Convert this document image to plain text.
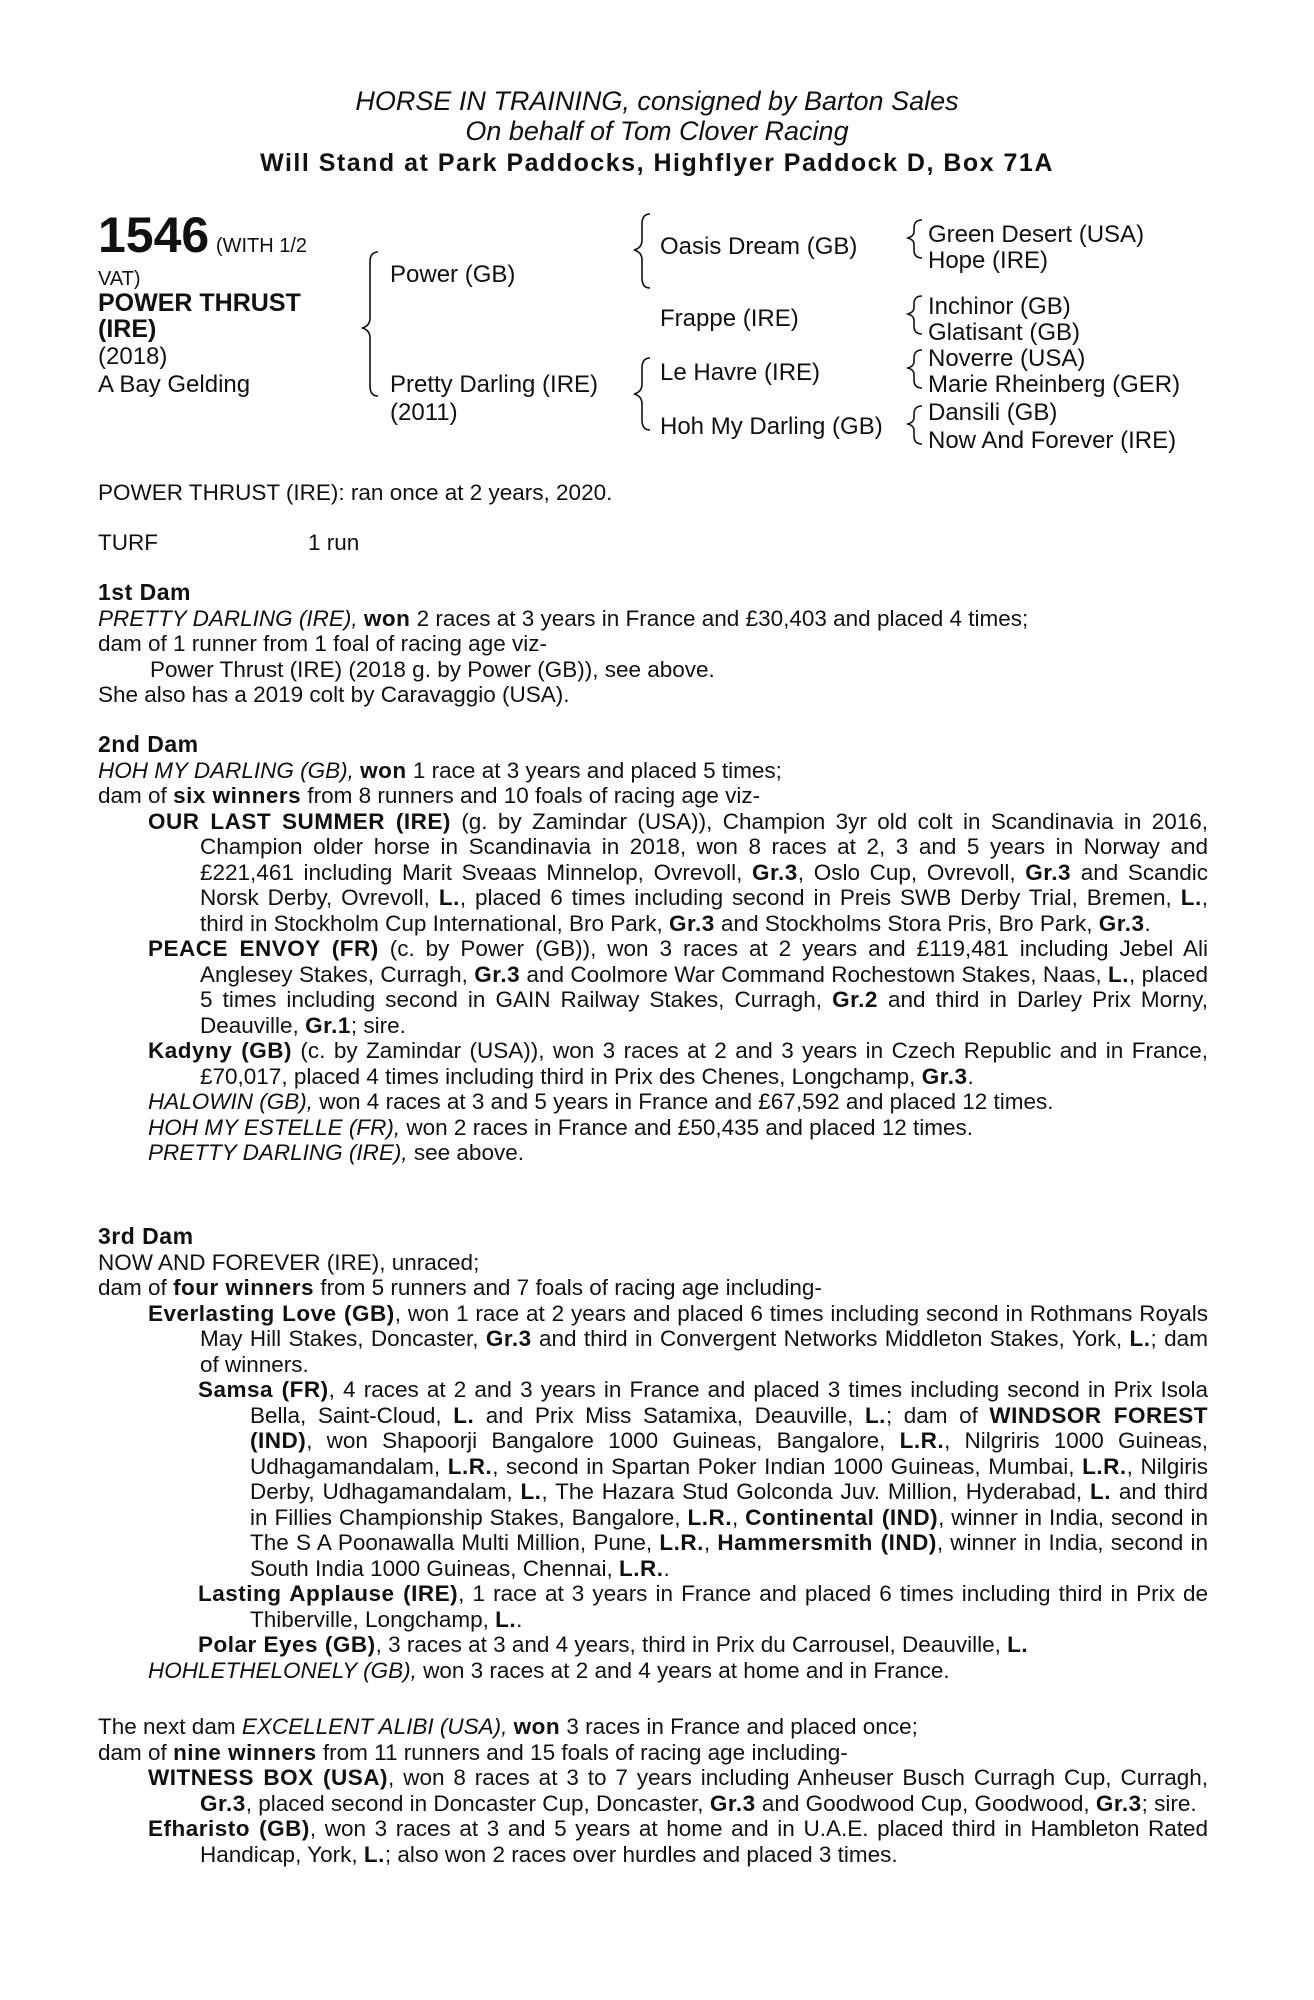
HORSE IN TRAINING, consigned by Barton Sales
On behalf of Tom Clover Racing
Will Stand at Park Paddocks, Highflyer Paddock D, Box 71A
1546 (WITH 1/2
VAT)
POWER THRUST
(IRE)
(2018)
A Bay Gelding
Power (GB)
Pretty Darling (IRE)
(2011)
Oasis Dream (GB)
Frappe (IRE)
Le Havre (IRE)
Hoh My Darling (GB)
Green Desert (USA)
Hope (IRE)
Inchinor (GB)
Glatisant (GB)
Noverre (USA)
Marie Rheinberg (GER)
Dansili (GB)
Now And Forever (IRE)
POWER THRUST (IRE): ran once at 2 years, 2020.
TURF	1 run

1st Dam

PRETTY DARLING (IRE), won 2 races at 3 years in France and £30,403 and placed 4 times;

dam of 1 runner from 1 foal of racing age viz-

Power Thrust (IRE) (2018 g. by Power (GB)), see above.

She also has a 2019 colt by Caravaggio (USA).

2nd Dam

HOH MY DARLING (GB), won 1 race at 3 years and placed 5 times;

dam of six winners from 8 runners and 10 foals of racing age viz-

OUR LAST SUMMER (IRE) (g. by Zamindar (USA)), Champion 3yr old colt in Scandinavia in 2016, Champion older horse in Scandinavia in 2018, won 8 races at 2, 3 and 5 years in Norway and £221,461 including Marit Sveaas Minnelop, Ovrevoll, Gr.3, Oslo Cup, Ovrevoll, Gr.3 and Scandic Norsk Derby, Ovrevoll, L., placed 6 times including second in Preis SWB Derby Trial, Bremen, L., third in Stockholm Cup International, Bro Park, Gr.3 and Stockholms Stora Pris, Bro Park, Gr.3.

PEACE ENVOY (FR) (c. by Power (GB)), won 3 races at 2 years and £119,481 including Jebel Ali Anglesey Stakes, Curragh, Gr.3 and Coolmore War Command Rochestown Stakes, Naas, L., placed 5 times including second in GAIN Railway Stakes, Curragh, Gr.2 and third in Darley Prix Morny, Deauville, Gr.1; sire.

Kadyny (GB) (c. by Zamindar (USA)), won 3 races at 2 and 3 years in Czech Republic and in France, £70,017, placed 4 times including third in Prix des Chenes, Longchamp, Gr.3.

HALOWIN (GB), won 4 races at 3 and 5 years in France and £67,592 and placed 12 times.

HOH MY ESTELLE (FR), won 2 races in France and £50,435 and placed 12 times.

PRETTY DARLING (IRE), see above.

3rd Dam

NOW AND FOREVER (IRE), unraced;

dam of four winners from 5 runners and 7 foals of racing age including-

Everlasting Love (GB), won 1 race at 2 years and placed 6 times including second in Rothmans Royals May Hill Stakes, Doncaster, Gr.3 and third in Convergent Networks Middleton Stakes, York, L.; dam of winners.

Samsa (FR), 4 races at 2 and 3 years in France and placed 3 times including second in Prix Isola Bella, Saint-Cloud, L. and Prix Miss Satamixa, Deauville, L.; dam of WINDSOR FOREST (IND), won Shapoorji Bangalore 1000 Guineas, Bangalore, L.R., Nilgriris 1000 Guineas, Udhagamandalam, L.R., second in Spartan Poker Indian 1000 Guineas, Mumbai, L.R., Nilgiris Derby, Udhagamandalam, L., The Hazara Stud Golconda Juv. Million, Hyderabad, L. and third in Fillies Championship Stakes, Bangalore, L.R., Continental (IND), winner in India, second in The S A Poonawalla Multi Million, Pune, L.R., Hammersmith (IND), winner in India, second in South India 1000 Guineas, Chennai, L.R..

Lasting Applause (IRE), 1 race at 3 years in France and placed 6 times including third in Prix de Thiberville, Longchamp, L..

Polar Eyes (GB), 3 races at 3 and 4 years, third in Prix du Carrousel, Deauville, L.

HOHLETHELONELY (GB), won 3 races at 2 and 4 years at home and in France.

The next dam EXCELLENT ALIBI (USA), won 3 races in France and placed once;

dam of nine winners from 11 runners and 15 foals of racing age including-

WITNESS BOX (USA), won 8 races at 3 to 7 years including Anheuser Busch Curragh Cup, Curragh, Gr.3, placed second in Doncaster Cup, Doncaster, Gr.3 and Goodwood Cup, Goodwood, Gr.3; sire.

Efharisto (GB), won 3 races at 3 and 5 years at home and in U.A.E. placed third in Hambleton Rated Handicap, York, L.; also won 2 races over hurdles and placed 3 times.
